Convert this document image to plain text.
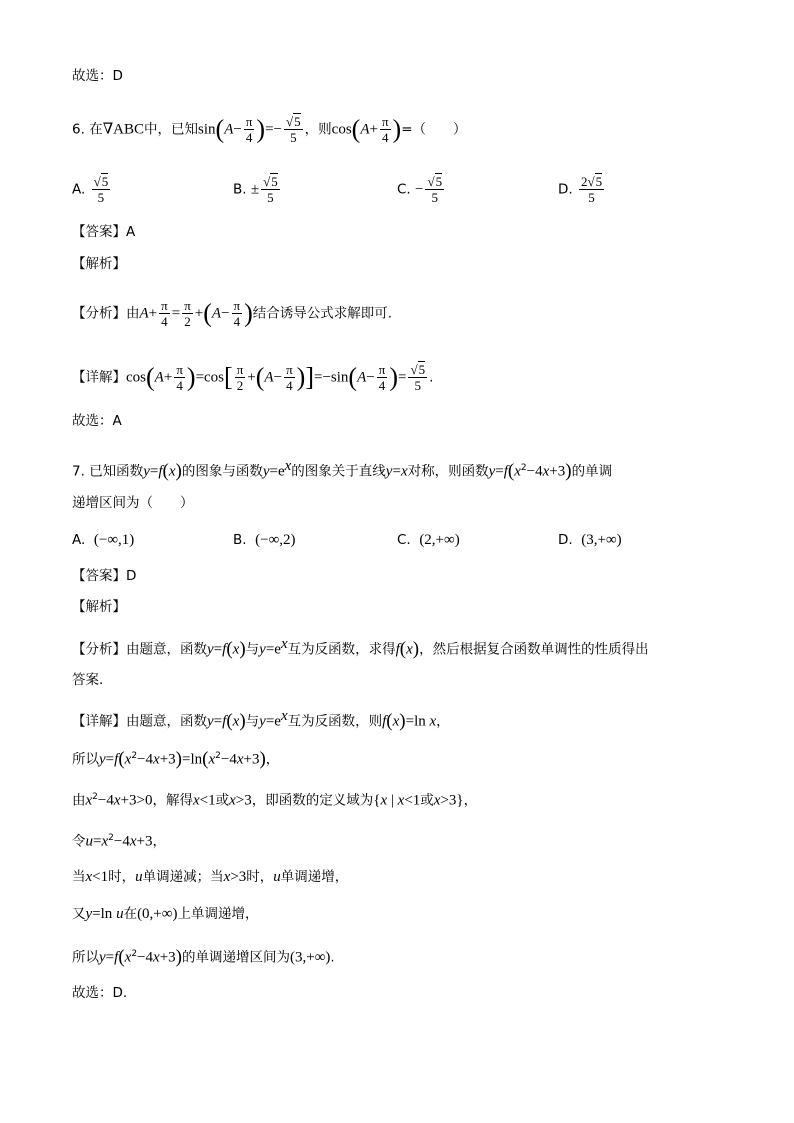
故选：D
6. 在∇ABC中，已知$\sin(A- \frac{\pi}{4}$ )=− $\frac{√5}{5}$ ，则$\cos(A+ \frac{\pi}{4}$ )=（　　）
A. $\frac{√5}{5}$	B. ± $\frac{√5}{5}$	C. − $\frac{√5}{5}$	D. $\frac{2√5}{5}$
【答案】A
【解析】
【分析】由$A+ \frac{\pi}{4} = \frac{\pi}{2} +(A- \frac{\pi}{4}$ )结合诱导公式求解即可.
【详解】$\cos(A+ \frac{\pi}{4} )=\cos[ \frac{\pi}{2} +(A- \frac{\pi}{4} )]=-\sin(A- \frac{\pi}{4}$ )= $\frac{√5}{5}$ .
故选：A
7. 已知函数y=f(x)的图象与函数$y=e^x$的图象关于直线y=x对称，则函数$y=f(x^2-4x+3)$的单调
递增区间为（　　）
A. (−∞,1)	B. (−∞,2)	C. (2,+∞)	D. (3,+∞)
【答案】D
【解析】
【分析】由题意，函数y=f(x)与$y=e^x$互为反函数，求得f(x)，然后根据复合函数单调性的性质得出
答案.
【详解】由题意，函数y=f(x)与$y=e^x$互为反函数，则f(x)=ln x，
所以$y=f(x^2-4x+3)=\ln(x^2-4x+3)$，
由$x^2-4x+3>0$，解得x<1或x>3，即函数的定义域为{x | x<1或x>3}，
令$u=x^2-4x+3$，
当x<1时，u单调递减；当x>3时，u单调递增，
又y=ln u在(0,+∞)上单调递增，
所以$y=f(x^2-4x+3)$的单调递增区间为(3,+∞).
故选：D.
